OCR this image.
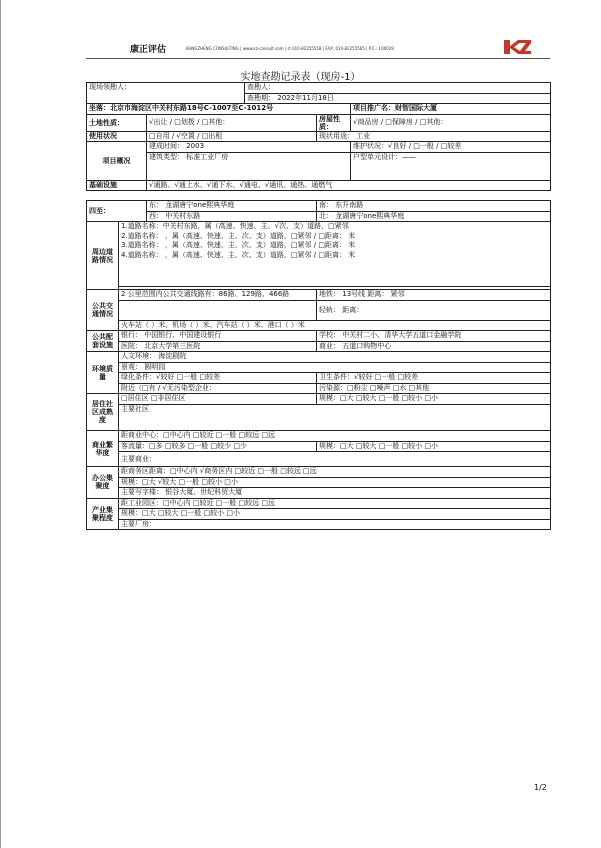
康正评估	KANGZHENG CONSULTING | www.kz-consult.com | ✆ 010-82255558 | FAX: 010-82255565 | P.C.: 100029
实地查勘记录表（现房-1）
现场领勘人：			查勘人：		
			查勘期： 2022年11月18日		
坐落：北京市海淀区中关村东路18号C-1007至C-1012号					项目推广名：财智国际大厦
土地性质：		√出让 / □划拨 / □其他：		房屋性质：	√商品房 / □保障房 / □其他：
使用状况		□自用 / √空置 / □出租		现状用途： 工业	
项目概况		建成时间： 2003			维护状况：√良好 / □一般 / □较差
		建筑类型： 标准工业厂房			户型单元设计：——

基础设施		√通路、√通上水、√通下水、√通电、√通讯、通热、通燃气			

四至：		东： 龙湖唐宁one熙典华庭		南： 东升南路	
		西： 中关村东路		北： 龙湖唐宁one熙典华庭	
周边道路情况	1.道路名称：中关村东路，属（高速、快速、主、√次、支）道路，□紧邻				
	2.道路名称： ，属（高速、快速、主、次、支）道路，□紧邻 / □距离： 米				
	3.道路名称： ，属（高速、快速、主、次、支）道路，□紧邻 / □距离： 米				
	4.道路名称： ，属（高速、快速、主、次、支）道路，□紧邻 / □距离： 米				

公共交通情况	2 公里范围内公共交通线路有：86路、129路、466路			地铁： 13号线 距离： 紧邻	
				轻轨： 距离：	

	火车站（ ）米、机场（ ）米、汽车站（ ）米、港口（ ）米				
公共配套设施	银行： 中国银行、中国建设银行			学校： 中关村二小、清华大学五道口金融学院	
	医院： 北京大学第三医院			商业： 五道口购物中心	
环境质量	人文环境： 海淀剧院				
	景观： 圆明园				
	绿化条件：√较好 □一般 □较差			卫生条件：√较好 □一般 □较差	
	附近（□有 / √无污染型企业：			污染源：□粉尘 □噪声 □水 □其他	
居住社区成熟度	□居住区 □非居住区			规模：□大 □较大 □一般 □较小 □小	
	主要社区				

商业繁华度	距商业中心：□中心内 □较近 □一般 □较远 □远				
	客流量：□多 □较多 □一般 □较少 □少			规模：□大 □较大 □一般 □较小 □小	
	主要商业：				
办公集聚度	距商务区距离：□中心内 √商务区内 □较近 □一般 □较远 □远				
	规模：□大 √较大 □一般 □较小 □小				
	主要写字楼： 银谷大厦、世纪科贸大厦				
产业集聚程度	距工业园区：□中心内 □较近 □一般 □较远 □远				
	规模：□大 □较大 □一般 □较小 □小				
	主要厂房：				
1/2
